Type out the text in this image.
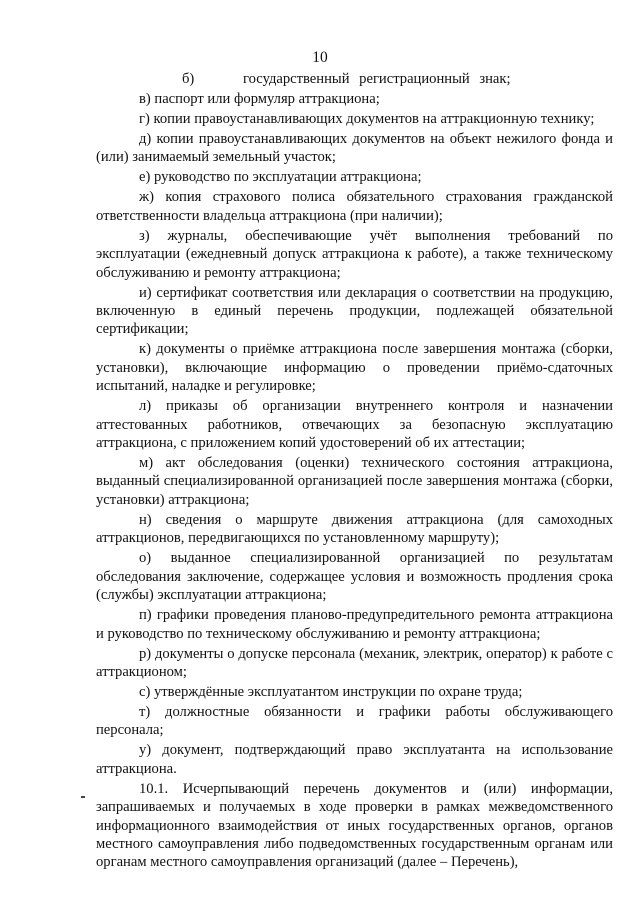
10

б)	государственный регистрационный знак;

в) паспорт или формуляр аттракциона;

г) копии правоустанавливающих документов на аттракционную технику;

д) копии правоустанавливающих документов на объект нежилого фонда и (или) занимаемый земельный участок;

е) руководство по эксплуатации аттракциона;

ж) копия страхового полиса обязательного страхования гражданской ответственности владельца аттракциона (при наличии);

з) журналы, обеспечивающие учёт выполнения требований по эксплуатации (ежедневный допуск аттракциона к работе), а также техническому обслуживанию и ремонту аттракциона;

и) сертификат соответствия или декларация о соответствии на продукцию, включенную в единый перечень продукции, подлежащей обязательной сертификации;

к) документы о приёмке аттракциона после завершения монтажа (сборки, установки), включающие информацию о проведении приёмо-сдаточных испытаний, наладке и регулировке;

л) приказы об организации внутреннего контроля и назначении аттестованных работников, отвечающих за безопасную эксплуатацию аттракциона, с приложением копий удостоверений об их аттестации;

м) акт обследования (оценки) технического состояния аттракциона, выданный специализированной организацией после завершения монтажа (сборки, установки) аттракциона;

н) сведения о маршруте движения аттракциона (для самоходных аттракционов, передвигающихся по установленному маршруту);

о) выданное специализированной организацией по результатам обследования заключение, содержащее условия и возможность продления срока (службы) эксплуатации аттракциона;

п) графики проведения планово-предупредительного ремонта аттракциона и руководство по техническому обслуживанию и ремонту аттракциона;

р) документы о допуске персонала (механик, электрик, оператор) к работе с аттракционом;

с) утверждённые эксплуатантом инструкции по охране труда;

т) должностные обязанности и графики работы обслуживающего персонала;

у) документ, подтверждающий право эксплуатанта на использование аттракциона.

10.1. Исчерпывающий перечень документов и (или) информации, запрашиваемых и получаемых в ходе проверки в рамках межведомственного информационного взаимодействия от иных государственных органов, органов местного самоуправления либо подведомственных государственным органам или органам местного самоуправления организаций (далее – Перечень),
